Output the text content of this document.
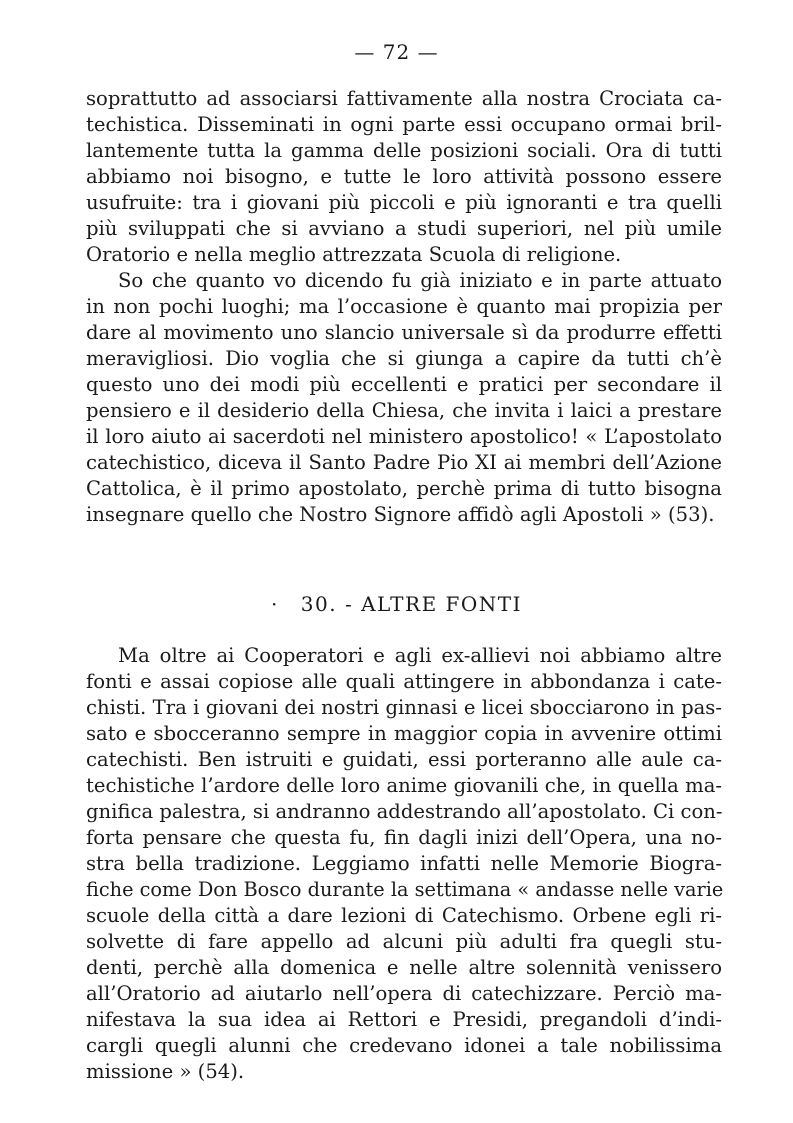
— 72 —
soprattutto ad associarsi fattivamente alla nostra Crociata ca-
techistica. Disseminati in ogni parte essi occupano ormai bril-
lantemente tutta la gamma delle posizioni sociali. Ora di tutti
abbiamo noi bisogno, e tutte le loro attività possono essere
usufruite: tra i giovani più piccoli e più ignoranti e tra quelli
più sviluppati che si avviano a studi superiori, nel più umile
Oratorio e nella meglio attrezzata Scuola di religione.
So che quanto vo dicendo fu già iniziato e in parte attuato
in non pochi luoghi; ma l’occasione è quanto mai propizia per
dare al movimento uno slancio universale sì da produrre effetti
meravigliosi. Dio voglia che si giunga a capire da tutti ch’è
questo uno dei modi più eccellenti e pratici per secondare il
pensiero e il desiderio della Chiesa, che invita i laici a prestare
il loro aiuto ai sacerdoti nel ministero apostolico! « L’apostolato
catechistico, diceva il Santo Padre Pio XI ai membri dell’Azione
Cattolica, è il primo apostolato, perchè prima di tutto bisogna
insegnare quello che Nostro Signore affidò agli Apostoli » (53).
· 30. - ALTRE FONTI
Ma oltre ai Cooperatori e agli ex-allievi noi abbiamo altre
fonti e assai copiose alle quali attingere in abbondanza i cate-
chisti. Tra i giovani dei nostri ginnasi e licei sbocciarono in pas-
sato e sbocceranno sempre in maggior copia in avvenire ottimi
catechisti. Ben istruiti e guidati, essi porteranno alle aule ca-
techistiche l’ardore delle loro anime giovanili che, in quella ma-
gnifica palestra, si andranno addestrando all’apostolato. Ci con-
forta pensare che questa fu, fin dagli inizi dell’Opera, una no-
stra bella tradizione. Leggiamo infatti nelle Memorie Biogra-
fiche come Don Bosco durante la settimana « andasse nelle varie
scuole della città a dare lezioni di Catechismo. Orbene egli ri-
solvette di fare appello ad alcuni più adulti fra quegli stu-
denti, perchè alla domenica e nelle altre solennità venissero
all’Oratorio ad aiutarlo nell’opera di catechizzare. Perciò ma-
nifestava la sua idea ai Rettori e Presidi, pregandoli d’indi-
cargli quegli alunni che credevano idonei a tale nobilissima
missione » (54).
